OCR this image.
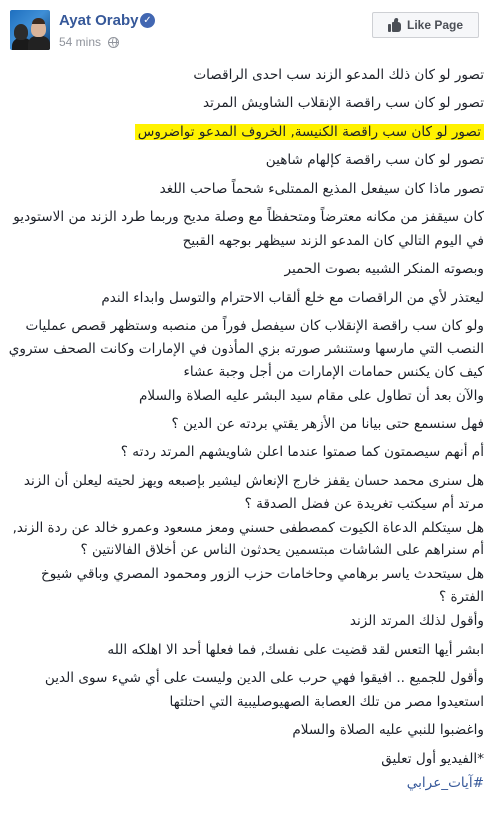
Ayat Oraby ✓
54 mins
Like Page
تصور لو كان ذلك المدعو الزند سب احدى الراقصات
تصور لو كان سب راقصة الإنقلاب الشاويش المرتد
تصور لو كان سب راقصة الكنيسة, الخروف المدعو تواضروس
تصور لو كان سب راقصة كإلهام شاهين
تصور ماذا كان سيفعل المذيع الممتلىء شحماً صاحب اللغد
كان سيقفز من مكانه معترضاً ومتحفظاً مع وصلة مديح وربما طرد الزند من الاستوديو
في اليوم التالي كان المدعو الزند سيظهر بوجهه القبيح
وبصوته المنكر الشبيه بصوت الحمير
ليعتذر لأي من الراقصات مع خلع ألقاب الاحترام والتوسل وابداء الندم
ولو كان سب راقصة الإنقلاب كان سيفصل فوراً من منصبه وستظهر قصص عمليات النصب التي مارسها وستنشر صورته بزي المأذون في الإمارات وكانت الصحف ستروي كيف كان يكنس حمامات الإمارات من أجل وجبة عشاء
والآن بعد أن تطاول على مقام سيد البشر عليه الصلاة والسلام
فهل سنسمع حتى بيانا من الأزهر يقتي بردته عن الدين ؟
أم أنهم سيصمتون كما صمتوا عندما اعلن شاويشهم المرتد ردته ؟
هل سنرى محمد حسان يقفز خارج الإنعاش ليشير بإصبعه ويهز لحيته ليعلن أن الزند مرتد أم سيكتب تغريدة عن فضل الصدقة ؟
هل سيتكلم الدعاة الكيوت كمصطفى حسني ومعز مسعود وعمرو خالد عن ردة الزند, أم سنراهم على الشاشات مبتسمين يحدثون الناس عن أخلاق الفالانتين ؟
هل سيتحدث ياسر برهامي وحاخامات حزب الزور ومحمود المصري وباقي شيوخ الفترة ؟
وأقول لذلك المرتد الزند
ابشر أيها التعس لقد قضيت على نفسك, فما فعلها أحد الا اهلكه الله
وأقول للجميع .. افيقوا فهي حرب على الدين وليست على أي شيء سوى الدين
استعيدوا مصر من تلك العصابة الصهيوصليبية التي احتلتها
واغضبوا للنبي عليه الصلاة والسلام
*الفيديو أول تعليق
#آيات_عرابي
